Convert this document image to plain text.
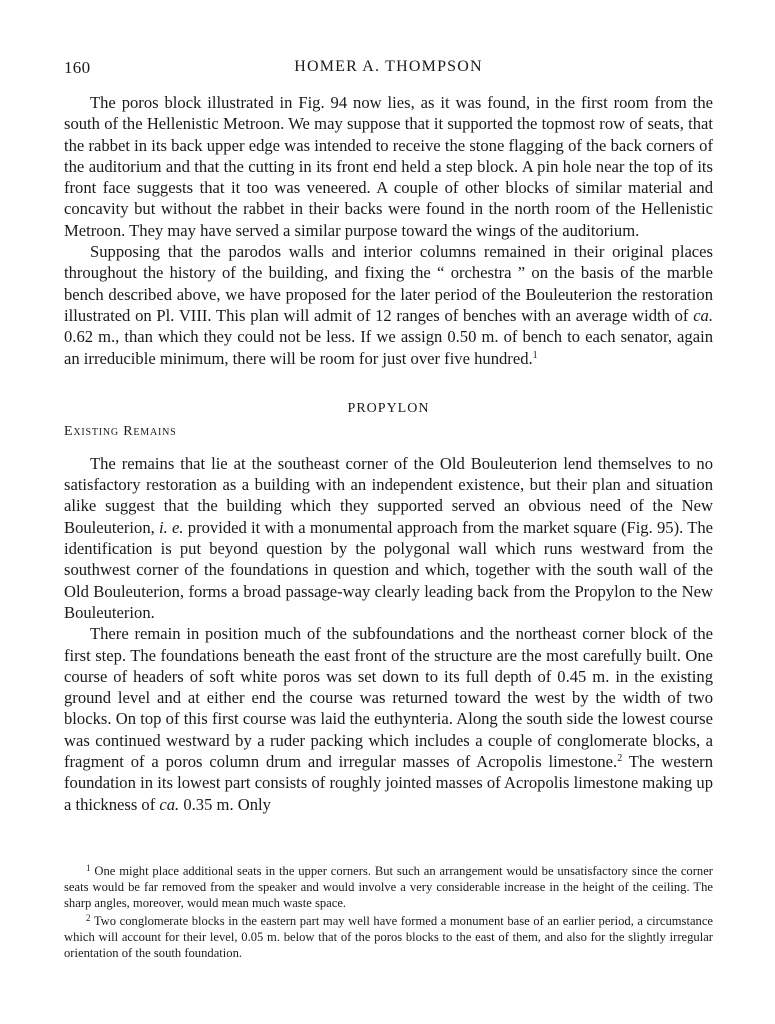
160	HOMER A. THOMPSON

The poros block illustrated in Fig. 94 now lies, as it was found, in the first room from the south of the Hellenistic Metroon. We may suppose that it supported the topmost row of seats, that the rabbet in its back upper edge was intended to receive the stone flagging of the back corners of the auditorium and that the cutting in its front end held a step block. A pin hole near the top of its front face suggests that it too was veneered. A couple of other blocks of similar material and concavity but without the rabbet in their backs were found in the north room of the Hellenistic Metroon. They may have served a similar purpose toward the wings of the auditorium.

Supposing that the parodos walls and interior columns remained in their original places throughout the history of the building, and fixing the “ orchestra ” on the basis of the marble bench described above, we have proposed for the later period of the Bouleuterion the restoration illustrated on Pl. VIII. This plan will admit of 12 ranges of benches with an average width of ca. 0.62 m., than which they could not be less. If we assign 0.50 m. of bench to each senator, again an irreducible minimum, there will be room for just over five hundred.$^1$

PROPYLON
Existing Remains

The remains that lie at the southeast corner of the Old Bouleuterion lend themselves to no satisfactory restoration as a building with an independent existence, but their plan and situation alike suggest that the building which they supported served an obvious need of the New Bouleuterion, i. e. provided it with a monumental approach from the market square (Fig. 95). The identification is put beyond question by the polygonal wall which runs westward from the southwest corner of the foundations in question and which, together with the south wall of the Old Bouleuterion, forms a broad passage-way clearly leading back from the Propylon to the New Bouleuterion.

There remain in position much of the subfoundations and the northeast corner block of the first step. The foundations beneath the east front of the structure are the most carefully built. One course of headers of soft white poros was set down to its full depth of 0.45 m. in the existing ground level and at either end the course was returned toward the west by the width of two blocks. On top of this first course was laid the euthynteria. Along the south side the lowest course was continued westward by a ruder packing which includes a couple of conglomerate blocks, a fragment of a poros column drum and irregular masses of Acropolis limestone.$^2$ The western foundation in its lowest part consists of roughly jointed masses of Acropolis limestone making up a thickness of ca. 0.35 m. Only

$^1$ One might place additional seats in the upper corners. But such an arrangement would be unsatisfactory since the corner seats would be far removed from the speaker and would involve a very considerable increase in the height of the ceiling. The sharp angles, moreover, would mean much waste space.

$^2$ Two conglomerate blocks in the eastern part may well have formed a monument base of an earlier period, a circumstance which will account for their level, 0.05 m. below that of the poros blocks to the east of them, and also for the slightly irregular orientation of the south foundation.
